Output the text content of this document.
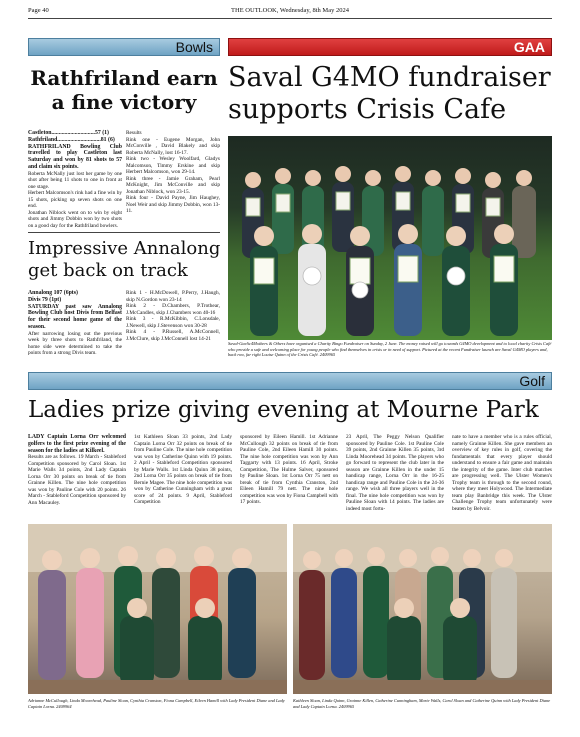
Page 40	THE OUTLOOK, Wednesday, 8th May 2024
Bowls	GAA
Rathfriland earn
a fine victory

Castleton..............................57 (1)

Rathfriland..............................81 (6)

RATHFRILAND Bowling Club travelled to play Castleton last Saturday and won by 81 shots to 57 and claim six points.

Roberta McNally just lost her game by one shot after being 11 shots to one in front at one stage.

Herbert Malcomson's rink had a fine win by 15 shots, picking up seven shots on one end.

Jonathan Niblock went on to win by eight shots and Jimmy Dobbin won by two shots on a good day for the Rathfriland bowlers.

Results

Rink one - Eugene Morgan, John McConville , David Blakely and skip Roberta McNally, lost 16-17.

Rink two - Wesley Woolfard, Gladys Malcomson, Timmy Erskine and skip Herbert Malcomson, won 29-14.

Rink three - Jamie Graham, Pearl McKnight, Jim McConville and skip Jonathan Niblock, won 23-15.

Rink four - David Payne, Jim Haughey, Noel Weir and skip Jimmy Dobbin, won 13-11.

Impressive Annalong
get back on track

Annalong 107 (6pts)

Divis 79 (1pt)

SATURDAY past saw Annalong Bowling Club host Divis from Belfast for their second home game of the season.

After narrowing losing out the previous week by three shots to Rathfriland, the home side were determined to take the points from a strong Divis team.

Rink 1 - H.McDowell, P.Perry, J.Haugh, skip N.Gordon won 23-14

Rink 2 - D.Chambers, P.Trothear, J.McCandles, skip J.Chambers won 40-16

Rink 3 - R.McKibbin, C.Lonsdale, J.Newell, skip J.Stevenson won 30-28

Rink 4 - P.Russell, A.McConnell, J.McClure, skip J.McConnell lost 14-21

Saval G4MO fundraiser
supports Crisis Cafe
Saval-Gaelic4Mothers & Others have organised a Charity Bingo Fundraiser on Sunday, 2 June. The money raised will go towards G4MO development and to local charity Crisis Café who provide a safe and welcoming place for young people who find themselves in crisis or in need of support. Pictured at the recent Fundraiser launch are Saval G4MO players and, back row, far right Louise Quinn of the Crisis Café. 2409965
Golf
Ladies prize giving evening at Mourne Park

LADY Captain Lorna Orr welcomed golfers to the first prize evening of the season for the ladies at Kilkeel.

Results are as follows. 19 March - Stableford Competition sponsored by Carol Sloan. 1st Marie Walls 34 points, 2nd Lady Captain Lorna Orr 30 points on break of tie from Grainne Killen. The nine hole competition was won by Pauline Cole with 20 points. 26 March - Stableford Competition sponsored by Ann Macauley.

1st Kathleen Sloan 33 points, 2nd Lady Captain Lorna Orr 32 points on break of tie from Pauline Cole. The nine hole competition was won by Catherine Quinn with 19 points. 2 April - Stableford Competition sponsored by Marie Walls. 1st Linda Quinn 38 points, 2nd Lorna Orr 35 points on break of tie from Bernie Magee. The nine hole competition was won by Catherine Cunningham with a great score of 24 points. 9 April, Stableford Competition
sponsored by Eileen Hamill. 1st Adrianne McCullough 32 points on break of tie from Pauline Cole, 2nd Eileen Hamill 30 points. The nine hole competition was won by Ann Taggarty with 13 points. 16 April, Stroke Competition, The Hulme Salver, sponsored by Pauline Sloan. 1st Lorna Orr 75 nett on break of tie from Cynthia Cranston, 2nd Eileen Hamill 79 nett. The nine hole competition was won by Fiona Campbell with 17 points.
23 April, The Peggy Nelson Qualifier sponsored by Pauline Cole. 1st Pauline Cole 39 points, 2nd Grainne Killen 35 points, 3rd Linda Moorehead 34 points. The players who go forward to represent the club later in the season are Grainne Killen in the under 15 handicap range, Lorna Orr in the 16-25 handicap range and Pauline Cole in the 24-36 range. We wish all three players well in the final. The nine hole competition was won by Pauline Sloan with 14 points. The ladies are indeed most fortu-
nate to have a member who is a rules official, namely Grainne Killen. She gave members an overview of key rules in golf, covering the fundamentals that every player should understand to ensure a fair game and maintain the integrity of the game. Inter club matches are progressing well. The Ulster Women's Trophy team is through to the second round, where they meet Holywood. The Intermediate team play Banbridge this week. The Ulster Challenge Trophy team unfortunately were beaten by Belvoir.
Adrianne McCullough, Linda Moorehead, Pauline Sloan, Cynthia Cranston, Fiona Campbell, Eileen Hamill with Lady President Diane and Lady Captain Lorna. 2409964
Kathleen Sloan, Linda Quinn, Grainne Killen, Catherine Cunningham, Marie Walls, Carol Sloan and Catherine Quinn with Lady President Diane and Lady Captain Lorna. 2409965
